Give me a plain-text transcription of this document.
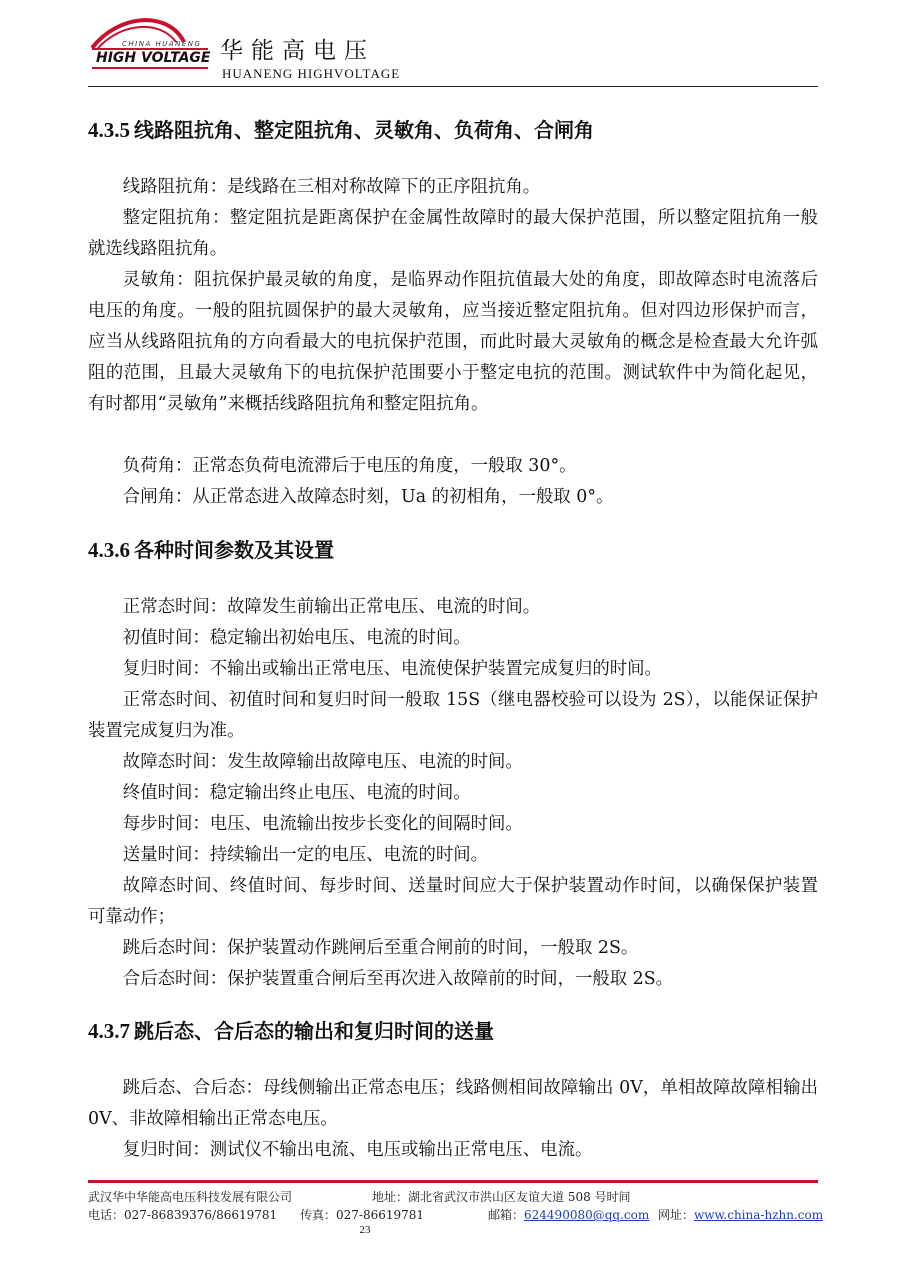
CHINA HUANENG
HIGH VOLTAGE 华能高电压
HUANENG HIGHVOLTAGE
4.3.5 线路阻抗角、整定阻抗角、灵敏角、负荷角、合闸角

线路阻抗角：是线路在三相对称故障下的正序阻抗角。

整定阻抗角：整定阻抗是距离保护在金属性故障时的最大保护范围，所以整定阻抗角一般就选线路阻抗角。

灵敏角：阻抗保护最灵敏的角度，是临界动作阻抗值最大处的角度，即故障态时电流落后电压的角度。一般的阻抗圆保护的最大灵敏角，应当接近整定阻抗角。但对四边形保护而言，应当从线路阻抗角的方向看最大的电抗保护范围，而此时最大灵敏角的概念是检查最大允许弧阻的范围，且最大灵敏角下的电抗保护范围要小于整定电抗的范围。测试软件中为简化起见，有时都用“灵敏角”来概括线路阻抗角和整定阻抗角。

负荷角：正常态负荷电流滞后于电压的角度，一般取 30°。

合闸角：从正常态进入故障态时刻，Ua 的初相角，一般取 0°。

4.3.6 各种时间参数及其设置

正常态时间：故障发生前输出正常电压、电流的时间。

初值时间：稳定输出初始电压、电流的时间。

复归时间：不输出或输出正常电压、电流使保护装置完成复归的时间。

正常态时间、初值时间和复归时间一般取 15S（继电器校验可以设为 2S），以能保证保护装置完成复归为准。

故障态时间：发生故障输出故障电压、电流的时间。

终值时间：稳定输出终止电压、电流的时间。

每步时间：电压、电流输出按步长变化的间隔时间。

送量时间：持续输出一定的电压、电流的时间。

故障态时间、终值时间、每步时间、送量时间应大于保护装置动作时间，以确保保护装置可靠动作；

跳后态时间：保护装置动作跳闸后至重合闸前的时间，一般取 2S。

合后态时间：保护装置重合闸后至再次进入故障前的时间，一般取 2S。

4.3.7 跳后态、合后态的输出和复归时间的送量

跳后态、合后态：母线侧输出正常态电压；线路侧相间故障输出 0V，单相故障故障相输出 0V、非故障相输出正常态电压。

复归时间：测试仪不输出电流、电压或输出正常电压、电流。

武汉华中华能高电压科技发展有限公司	地址：湖北省武汉市洪山区友谊大道 508 号时间
电话：027-86839376/86619781 传真：027-86619781	邮箱：624490080@qq.com 网址：www.china-hzhn.com
23
